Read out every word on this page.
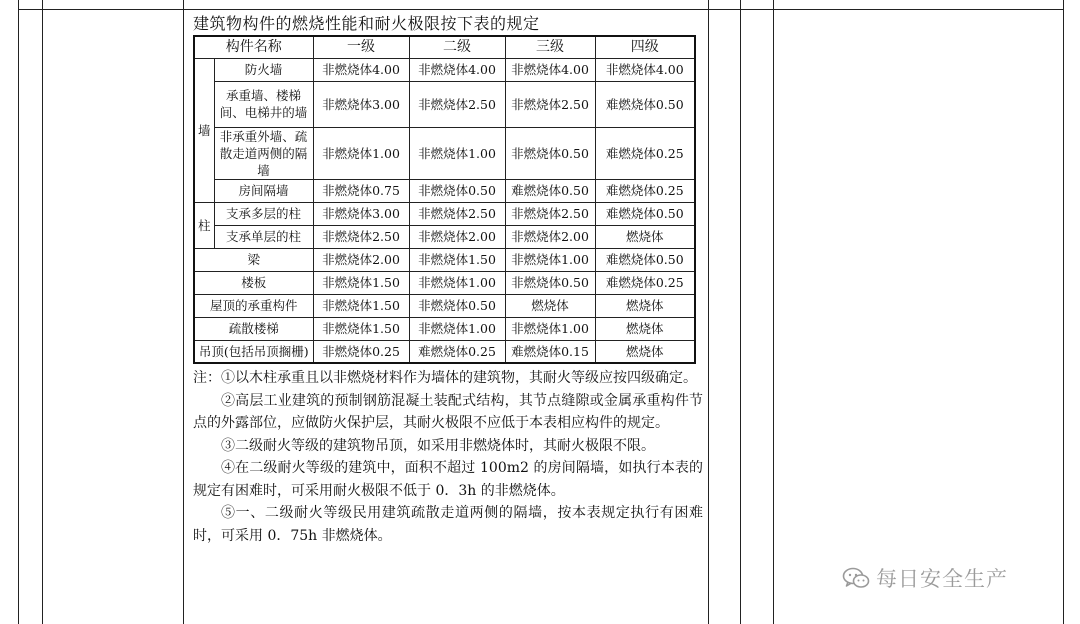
建筑物构件的燃烧性能和耐火极限按下表的规定
构件名称		一级	二级	三级	四级
墙	防火墙	非燃烧体4.00	非燃烧体4.00	非燃烧体4.00	非燃烧体4.00
	承重墙、楼梯间、电梯井的墙	非燃烧体3.00	非燃烧体2.50	非燃烧体2.50	难燃烧体0.50
	非承重外墙、疏散走道两侧的隔墙	非燃烧体1.00	非燃烧体1.00	非燃烧体0.50	难燃烧体0.25
	房间隔墙	非燃烧体0.75	非燃烧体0.50	难燃烧体0.50	难燃烧体0.25
柱	支承多层的柱	非燃烧体3.00	非燃烧体2.50	非燃烧体2.50	难燃烧体0.50
	支承单层的柱	非燃烧体2.50	非燃烧体2.00	非燃烧体2.00	燃烧体
梁		非燃烧体2.00	非燃烧体1.50	非燃烧体1.00	难燃烧体0.50
楼板		非燃烧体1.50	非燃烧体1.00	非燃烧体0.50	难燃烧体0.25
屋顶的承重构件		非燃烧体1.50	非燃烧体0.50	燃烧体	燃烧体
疏散楼梯		非燃烧体1.50	非燃烧体1.00	非燃烧体1.00	燃烧体
吊顶(包括吊顶搁栅)		非燃烧体0.25	难燃烧体0.25	难燃烧体0.15	燃烧体

注：①以木柱承重且以非燃烧材料作为墙体的建筑物，其耐火等级应按四级确定。

②高层工业建筑的预制钢筋混凝土装配式结构，其节点缝隙或金属承重构件节点的外露部位，应做防火保护层，其耐火极限不应低于本表相应构件的规定。

③二级耐火等级的建筑物吊顶，如采用非燃烧体时，其耐火极限不限。

④在二级耐火等级的建筑中，面积不超过 100m2 的房间隔墙，如执行本表的规定有困难时，可采用耐火极限不低于 0．3h 的非燃烧体。

⑤一、二级耐火等级民用建筑疏散走道两侧的隔墙，按本表规定执行有困难时，可采用 0．75h 非燃烧体。

每日安全生产
